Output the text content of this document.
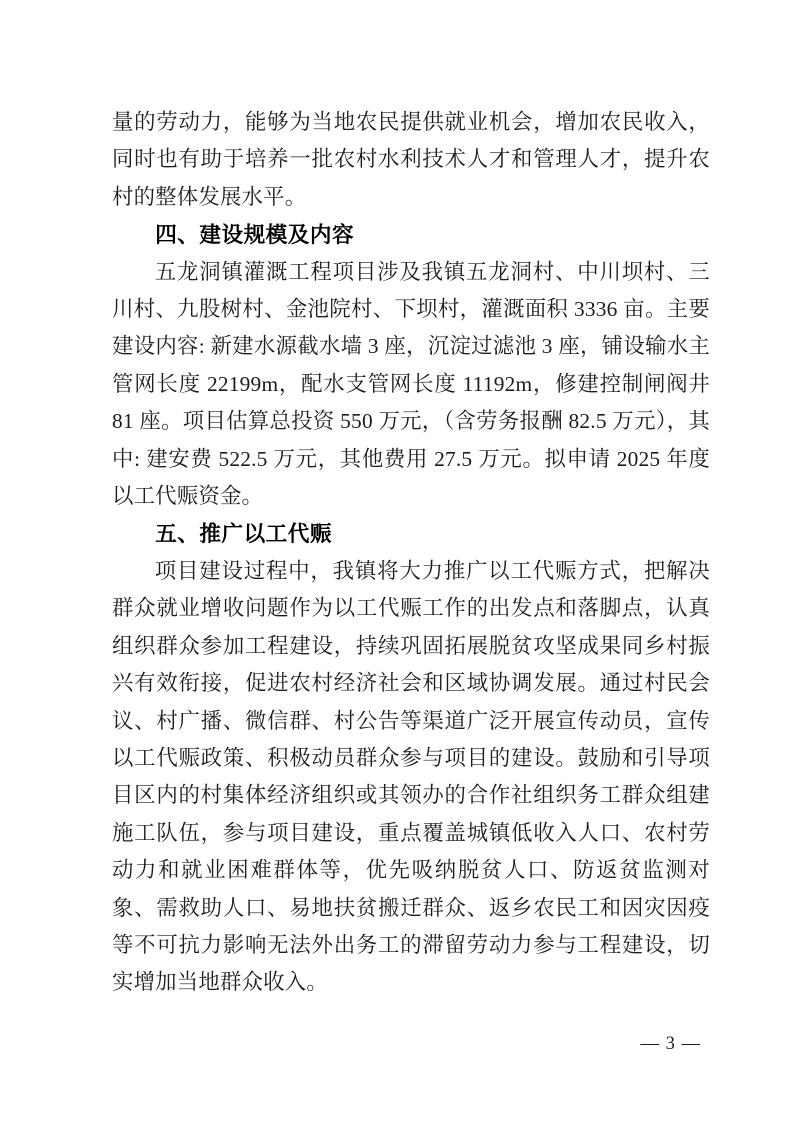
量的劳动力，能够为当地农民提供就业机会，增加农民收入，同时也有助于培养一批农村水利技术人才和管理人才，提升农村的整体发展水平。

四、建设规模及内容

五龙洞镇灌溉工程项目涉及我镇五龙洞村、中川坝村、三川村、九股树村、金池院村、下坝村，灌溉面积 3336 亩。主要建设内容: 新建水源截水墙 3 座，沉淀过滤池 3 座，铺设输水主管网长度 22199m，配水支管网长度 11192m，修建控制闸阀井 81 座。项目估算总投资 550 万元，（含劳务报酬 82.5 万元），其中: 建安费 522.5 万元，其他费用 27.5 万元。拟申请 2025 年度以工代赈资金。

五、推广以工代赈

项目建设过程中，我镇将大力推广以工代赈方式，把解决群众就业增收问题作为以工代赈工作的出发点和落脚点，认真组织群众参加工程建设，持续巩固拓展脱贫攻坚成果同乡村振兴有效衔接，促进农村经济社会和区域协调发展。通过村民会议、村广播、微信群、村公告等渠道广泛开展宣传动员，宣传以工代赈政策、积极动员群众参与项目的建设。鼓励和引导项目区内的村集体经济组织或其领办的合作社组织务工群众组建施工队伍，参与项目建设，重点覆盖城镇低收入人口、农村劳动力和就业困难群体等，优先吸纳脱贫人口、防返贫监测对象、需救助人口、易地扶贫搬迁群众、返乡农民工和因灾因疫等不可抗力影响无法外出务工的滞留劳动力参与工程建设，切实增加当地群众收入。

— 3 —
